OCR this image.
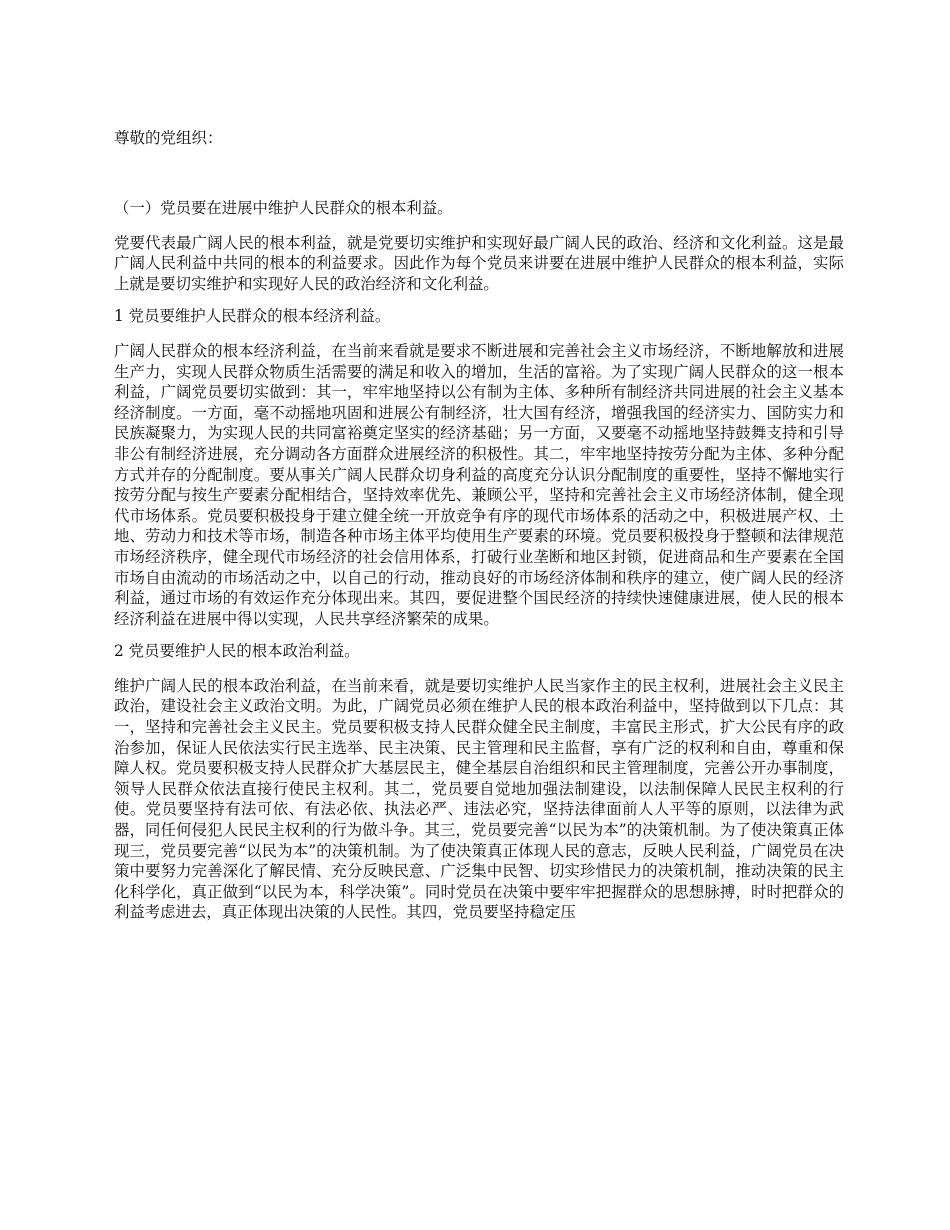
尊敬的党组织：

（一）党员要在进展中维护人民群众的根本利益。

党要代表最广阔人民的根本利益，就是党要切实维护和实现好最广阔人民的政治、经济和文化利益。这是最广阔人民利益中共同的根本的利益要求。因此作为每个党员来讲要在进展中维护人民群众的根本利益，实际上就是要切实维护和实现好人民的政治经济和文化利益。

1 党员要维护人民群众的根本经济利益。

广阔人民群众的根本经济利益，在当前来看就是要求不断进展和完善社会主义市场经济，不断地解放和进展生产力，实现人民群众物质生活需要的满足和收入的增加，生活的富裕。为了实现广阔人民群众的这一根本利益，广阔党员要切实做到：其一，牢牢地坚持以公有制为主体、多种所有制经济共同进展的社会主义基本经济制度。一方面，毫不动摇地巩固和进展公有制经济，壮大国有经济，增强我国的经济实力、国防实力和民族凝聚力，为实现人民的共同富裕奠定坚实的经济基础；另一方面，又要毫不动摇地坚持鼓舞支持和引导非公有制经济进展，充分调动各方面群众进展经济的积极性。其二，牢牢地坚持按劳分配为主体、多种分配方式并存的分配制度。要从事关广阔人民群众切身利益的高度充分认识分配制度的重要性，坚持不懈地实行按劳分配与按生产要素分配相结合，坚持效率优先、兼顾公平，坚持和完善社会主义市场经济体制，健全现代市场体系。党员要积极投身于建立健全统一开放竞争有序的现代市场体系的活动之中，积极进展产权、土地、劳动力和技术等市场，制造各种市场主体平均使用生产要素的环境。党员要积极投身于整顿和法律规范市场经济秩序，健全现代市场经济的社会信用体系，打破行业垄断和地区封锁，促进商品和生产要素在全国市场自由流动的市场活动之中，以自己的行动，推动良好的市场经济体制和秩序的建立，使广阔人民的经济利益，通过市场的有效运作充分体现出来。其四，要促进整个国民经济的持续快速健康进展，使人民的根本经济利益在进展中得以实现，人民共享经济繁荣的成果。

2 党员要维护人民的根本政治利益。

维护广阔人民的根本政治利益，在当前来看，就是要切实维护人民当家作主的民主权利，进展社会主义民主政治，建设社会主义政治文明。为此，广阔党员必须在维护人民的根本政治利益中，坚持做到以下几点：其一，坚持和完善社会主义民主。党员要积极支持人民群众健全民主制度，丰富民主形式，扩大公民有序的政治参加，保证人民依法实行民主选举、民主决策、民主管理和民主监督，享有广泛的权利和自由，尊重和保障人权。党员要积极支持人民群众扩大基层民主，健全基层自治组织和民主管理制度，完善公开办事制度，领导人民群众依法直接行使民主权利。其二，党员要自觉地加强法制建设，以法制保障人民民主权利的行使。党员要坚持有法可依、有法必依、执法必严、违法必究，坚持法律面前人人平等的原则，以法律为武器，同任何侵犯人民民主权利的行为做斗争。其三，党员要完善“以民为本”的决策机制。为了使决策真正体现三，党员要完善“以民为本”的决策机制。为了使决策真正体现人民的意志，反映人民利益，广阔党员在决策中要努力完善深化了解民情、充分反映民意、广泛集中民智、切实珍惜民力的决策机制，推动决策的民主化科学化，真正做到“以民为本，科学决策”。同时党员在决策中要牢牢把握群众的思想脉搏，时时把群众的利益考虑进去，真正体现出决策的人民性。其四，党员要坚持稳定压
